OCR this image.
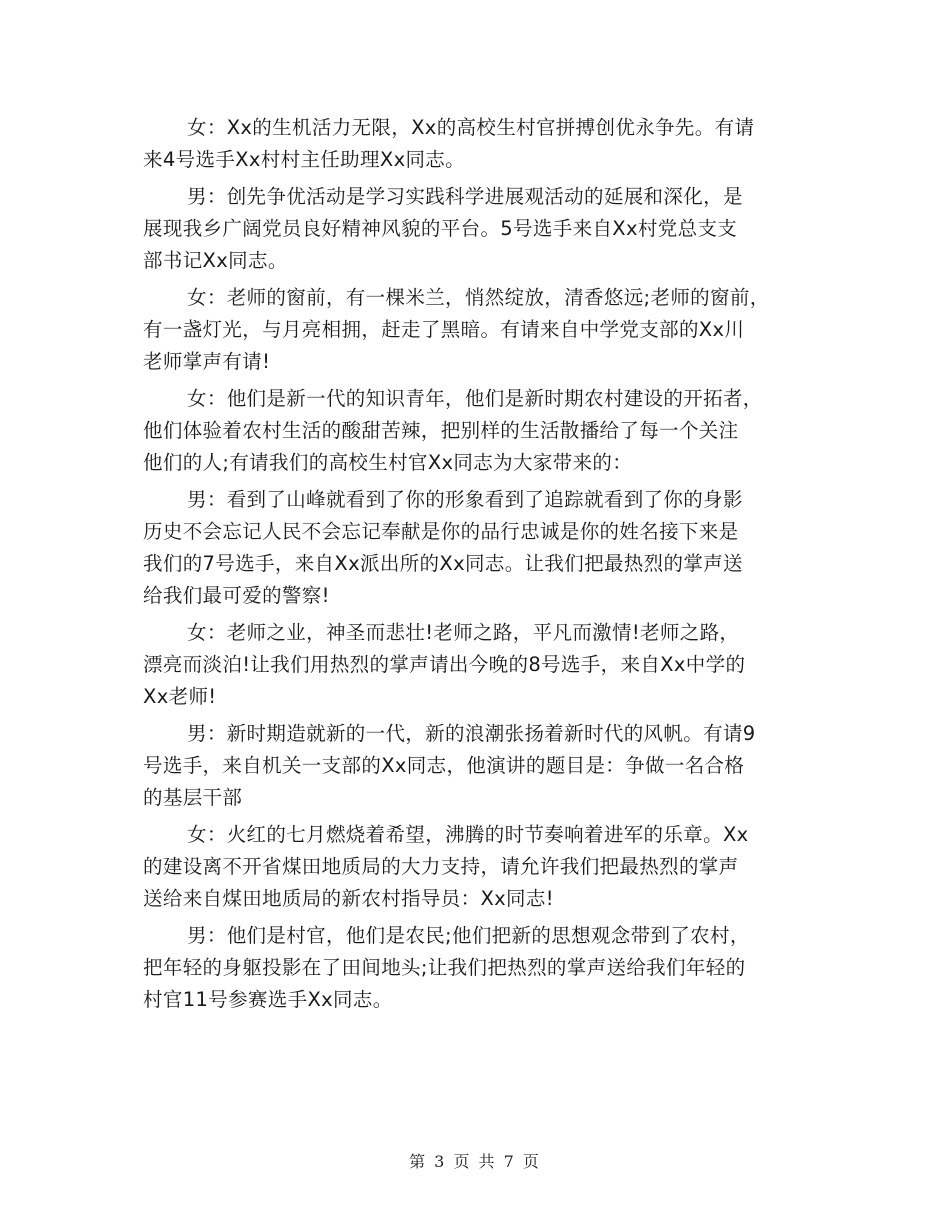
女：Xx的生机活力无限，Xx的高校生村官拼搏创优永争先。有请
来4号选手Xx村村主任助理Xx同志。
男：创先争优活动是学习实践科学进展观活动的延展和深化，是
展现我乡广阔党员良好精神风貌的平台。5号选手来自Xx村党总支支
部书记Xx同志。
女：老师的窗前，有一棵米兰，悄然绽放，清香悠远;老师的窗前，
有一盏灯光，与月亮相拥，赶走了黑暗。有请来自中学党支部的Xx川
老师掌声有请!
女：他们是新一代的知识青年，他们是新时期农村建设的开拓者，
他们体验着农村生活的酸甜苦辣，把别样的生活散播给了每一个关注
他们的人;有请我们的高校生村官Xx同志为大家带来的：
男：看到了山峰就看到了你的形象看到了追踪就看到了你的身影
历史不会忘记人民不会忘记奉献是你的品行忠诚是你的姓名接下来是
我们的7号选手，来自Xx派出所的Xx同志。让我们把最热烈的掌声送
给我们最可爱的警察!
女：老师之业，神圣而悲壮!老师之路，平凡而激情!老师之路，
漂亮而淡泊!让我们用热烈的掌声请出今晚的8号选手，来自Xx中学的
Xx老师!
男：新时期造就新的一代，新的浪潮张扬着新时代的风帆。有请9
号选手，来自机关一支部的Xx同志，他演讲的题目是：争做一名合格
的基层干部
女：火红的七月燃烧着希望，沸腾的时节奏响着进军的乐章。Xx
的建设离不开省煤田地质局的大力支持，请允许我们把最热烈的掌声
送给来自煤田地质局的新农村指导员：Xx同志!
男：他们是村官，他们是农民;他们把新的思想观念带到了农村，
把年轻的身躯投影在了田间地头;让我们把热烈的掌声送给我们年轻的
村官11号参赛选手Xx同志。
第 3 页 共 7 页
